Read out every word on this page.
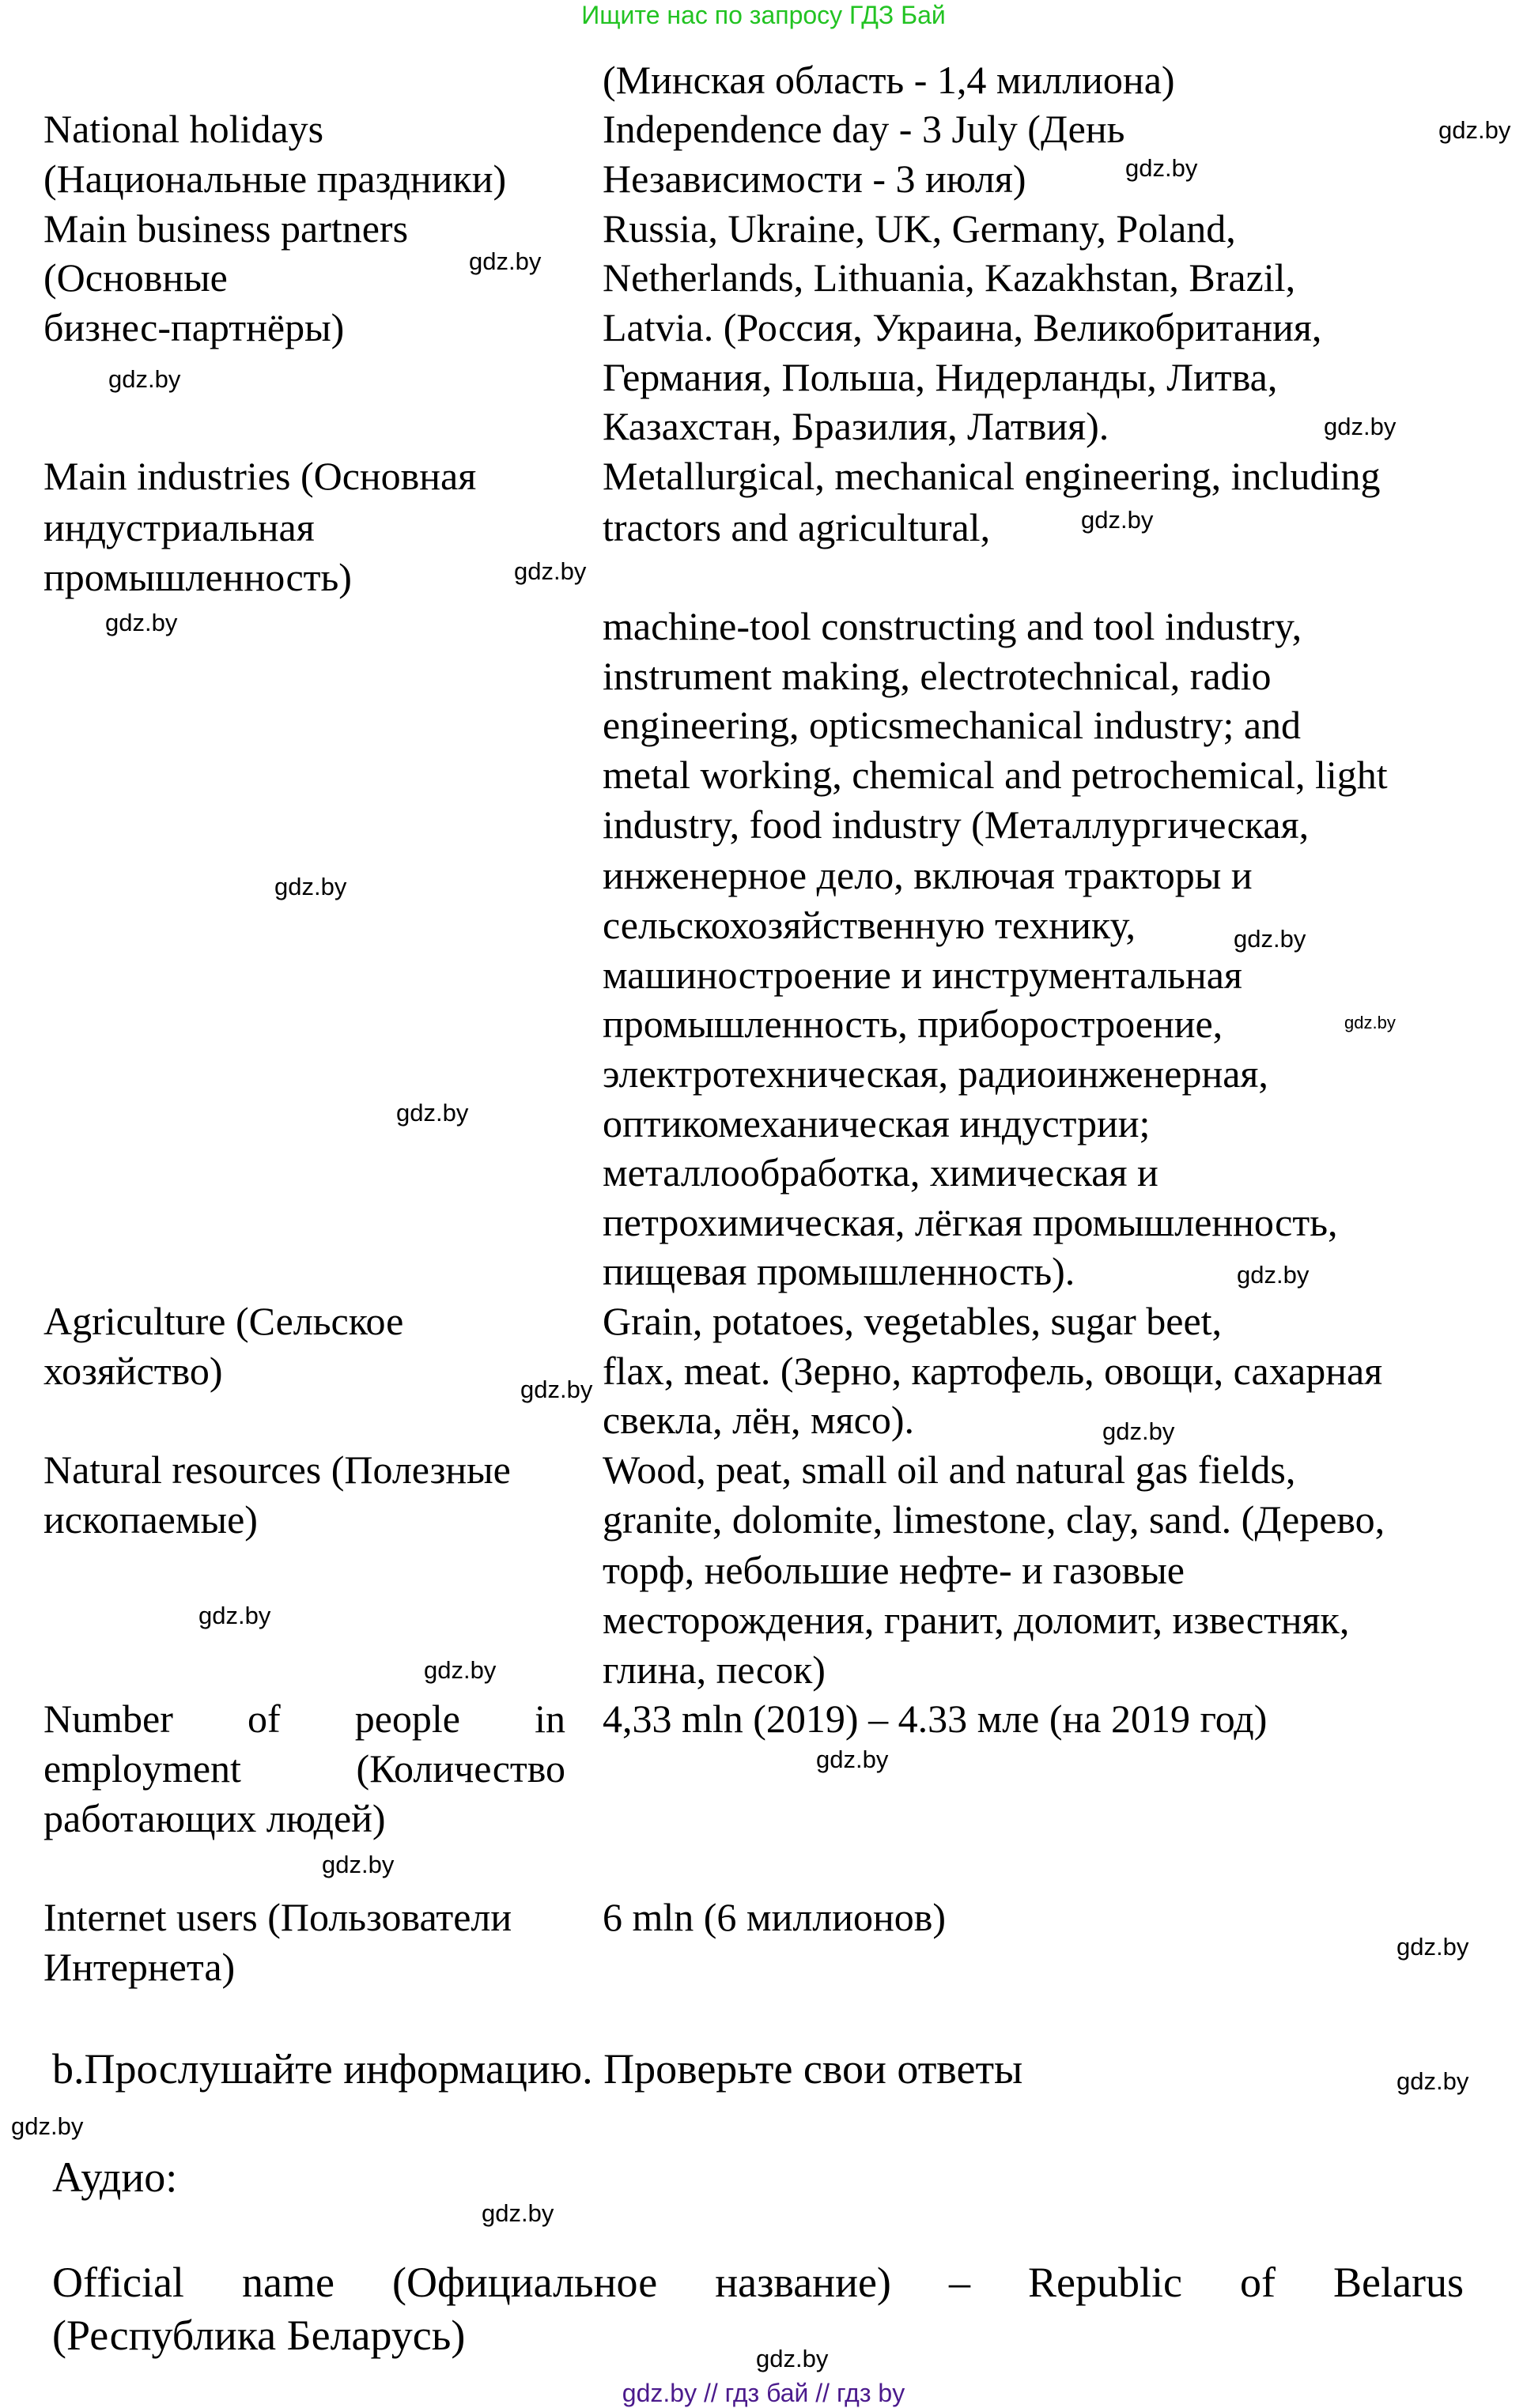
Ищите нас по запросу ГДЗ Бай
(Минская область - 1,4 миллиона)
National holidays
(Национальные праздники)
Independence day - 3 July (День
Независимости - 3 июля)
Main business partners
(Основные
бизнес-партнёры)
Russia, Ukraine, UK, Germany, Poland,
Netherlands, Lithuania, Kazakhstan, Brazil,
Latvia. (Россия, Украина, Великобритания,
Германия, Польша, Нидерланды, Литва,
Казахстан, Бразилия, Латвия).
Main industries (Основная
индустриальная
промышленность)
Metallurgical, mechanical engineering, including
tractors and agricultural,
machine-tool constructing and tool industry,
instrument making, electrotechnical, radio
engineering, opticsmechanical industry; and
metal working, chemical and petrochemical, light
industry, food industry (Металлургическая,
инженерное дело, включая тракторы и
сельскохозяйственную технику,
машиностроение и инструментальная
промышленность, приборостроение,
электротехническая, радиоинженерная,
оптикомеханическая индустрии;
металлообработка, химическая и
петрохимическая, лёгкая промышленность,
пищевая промышленность).
Agriculture (Сельское
хозяйство)
Grain, potatoes, vegetables, sugar beet,
flax, meat. (Зерно, картофель, овощи, сахарная
свекла, лён, мясо).
Natural resources (Полезные
ископаемые)
Wood, peat, small oil and natural gas fields,
granite, dolomite, limestone, clay, sand. (Дерево,
торф, небольшие нефте- и газовые
месторождения, гранит, доломит, известняк,
глина, песок)
Number of people in
employment (Количество
работающих людей)
4,33 mln (2019) – 4.33 мле (на 2019 год)
Internet users (Пользователи
Интернета)
6 mln (6 миллионов)
b.Прослушайте информацию. Проверьте свои ответы
Аудио:
Official name (Официальное название) – Republic of Belarus
(Республика Беларусь)
gdz.by
gdz.by
gdz.by
gdz.by
gdz.by
gdz.by
gdz.by
gdz.by
gdz.by
gdz.by
gdz.by
gdz.by
gdz.by
gdz.by
gdz.by
gdz.by
gdz.by
gdz.by
gdz.by
gdz.by
gdz.by
gdz.by
gdz.by
gdz.by
gdz.by // гдз бай // гдз by
